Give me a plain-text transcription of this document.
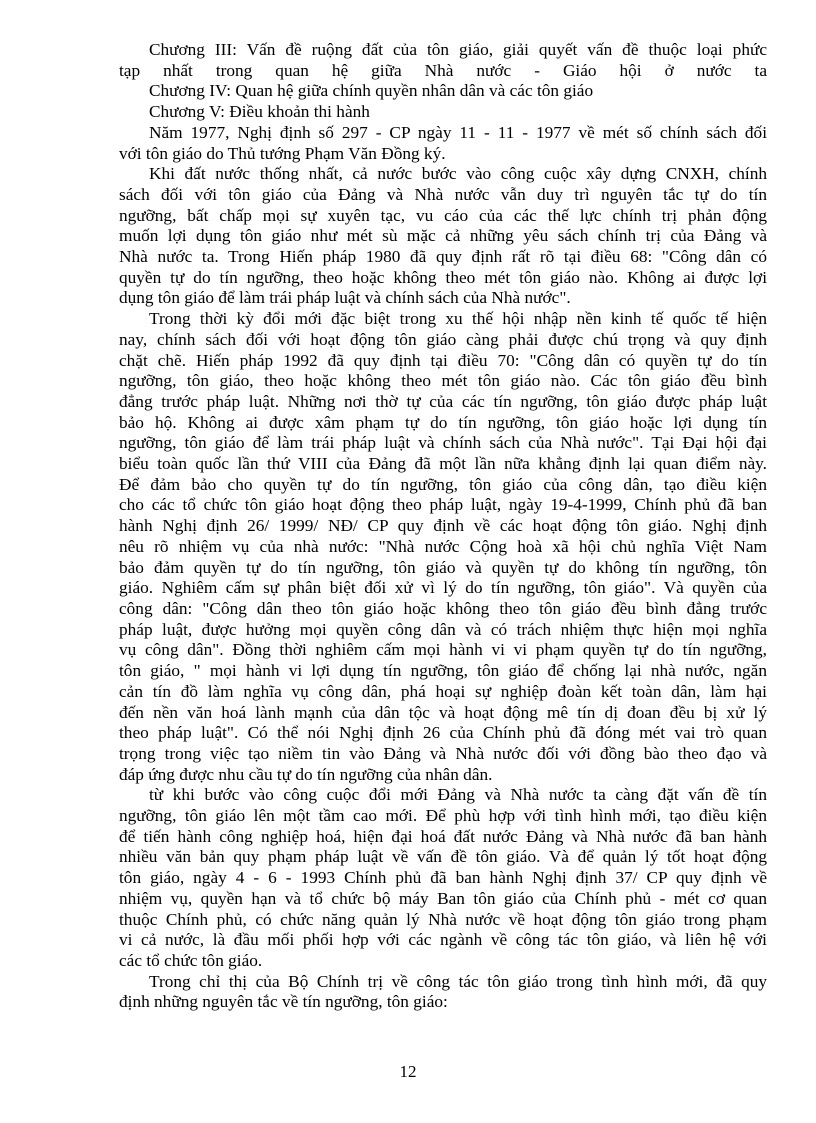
Chương III: Vấn đề ruộng đất của tôn giáo, giải quyết vấn đề thuộc loại phức
tạp nhất trong quan hệ giữa Nhà nước - Giáo hội ở nước ta
Chương IV: Quan hệ giữa chính quyền nhân dân và các tôn giáo
Chương V: Điều khoản thi hành
Năm 1977, Nghị định số 297 - CP ngày 11 - 11 - 1977 về mét số chính sách đối
với tôn giáo do Thủ tướng Phạm Văn Đồng ký.
Khi đất nước thống nhất, cả nước bước vào công cuộc xây dựng CNXH, chính
sách đối với tôn giáo của Đảng và Nhà nước vẫn duy trì nguyên tắc tự do tín
ngưỡng, bất chấp mọi sự xuyên tạc, vu cáo của các thế lực chính trị phản động
muốn lợi dụng tôn giáo như mét sù mặc cả những yêu sách chính trị của Đảng và
Nhà nước ta. Trong Hiến pháp 1980 đã quy định rất rõ tại điều 68: "Công dân có
quyền tự do tín ngưỡng, theo hoặc không theo mét tôn giáo nào. Không ai được lợi
dụng tôn giáo để làm trái pháp luật và chính sách của Nhà nước".
Trong thời kỳ đổi mới đặc biệt trong xu thế hội nhập nền kinh tế quốc tế hiện
nay, chính sách đối với hoạt động tôn giáo càng phải được chú trọng và quy định
chặt chẽ. Hiến pháp 1992 đã quy định tại điều 70: "Công dân có quyền tự do tín
ngưỡng, tôn giáo, theo hoặc không theo mét tôn giáo nào. Các tôn giáo đều bình
đẳng trước pháp luật. Những nơi thờ tự của các tín ngưỡng, tôn giáo được pháp luật
bảo hộ. Không ai được xâm phạm tự do tín ngưỡng, tôn giáo hoặc lợi dụng tín
ngưỡng, tôn giáo để làm trái pháp luật và chính sách của Nhà nước". Tại Đại hội đại
biểu toàn quốc lần thứ VIII của Đảng đã một lần nữa khẳng định lại quan điểm này.
Để đảm bảo cho quyền tự do tín ngưỡng, tôn giáo của công dân, tạo điều kiện
cho các tổ chức tôn giáo hoạt động theo pháp luật, ngày 19-4-1999, Chính phủ đã ban
hành Nghị định 26/ 1999/ NĐ/ CP quy định về các hoạt động tôn giáo. Nghị định
nêu rõ nhiệm vụ của nhà nước: "Nhà nước Cộng hoà xã hội chủ nghĩa Việt Nam
bảo đảm quyền tự do tín ngưỡng, tôn giáo và quyền tự do không tín ngưỡng, tôn
giáo. Nghiêm cấm sự phân biệt đối xử vì lý do tín ngưỡng, tôn giáo". Và quyền của
công dân: "Công dân theo tôn giáo hoặc không theo tôn giáo đều bình đẳng trước
pháp luật, được hưởng mọi quyền công dân và có trách nhiệm thực hiện mọi nghĩa
vụ công dân". Đồng thời nghiêm cấm mọi hành vi vi phạm quyền tự do tín ngưỡng,
tôn giáo, " mọi hành vi lợi dụng tín ngưỡng, tôn giáo để chống lại nhà nước, ngăn
cản tín đồ làm nghĩa vụ công dân, phá hoại sự nghiệp đoàn kết toàn dân, làm hại
đến nền văn hoá lành mạnh của dân tộc và hoạt động mê tín dị đoan đều bị xử lý
theo pháp luật". Có thể nói Nghị định 26 của Chính phủ đã đóng mét vai trò quan
trọng trong việc tạo niềm tin vào Đảng và Nhà nước đối với đồng bào theo đạo và
đáp ứng được nhu cầu tự do tín ngưỡng của nhân dân.
từ khi bước vào công cuộc đổi mới Đảng và Nhà nước ta càng đặt vấn đề tín
ngưỡng, tôn giáo lên một tầm cao mới. Để phù hợp với tình hình mới, tạo điều kiện
để tiến hành công nghiệp hoá, hiện đại hoá đất nước Đảng và Nhà nước đã ban hành
nhiều văn bản quy phạm pháp luật về vấn đề tôn giáo. Và để quản lý tốt hoạt động
tôn giáo, ngày 4 - 6 - 1993 Chính phủ đã ban hành Nghị định 37/ CP quy định về
nhiệm vụ, quyền hạn và tổ chức bộ máy Ban tôn giáo của Chính phủ - mét cơ quan
thuộc Chính phủ, có chức năng quản lý Nhà nước về hoạt động tôn giáo trong phạm
vi cả nước, là đầu mối phối hợp với các ngành về công tác tôn giáo, và liên hệ với
các tổ chức tôn giáo.
Trong chỉ thị của Bộ Chính trị về công tác tôn giáo trong tình hình mới, đã quy
định những nguyên tắc về tín ngưỡng, tôn giáo:
12
